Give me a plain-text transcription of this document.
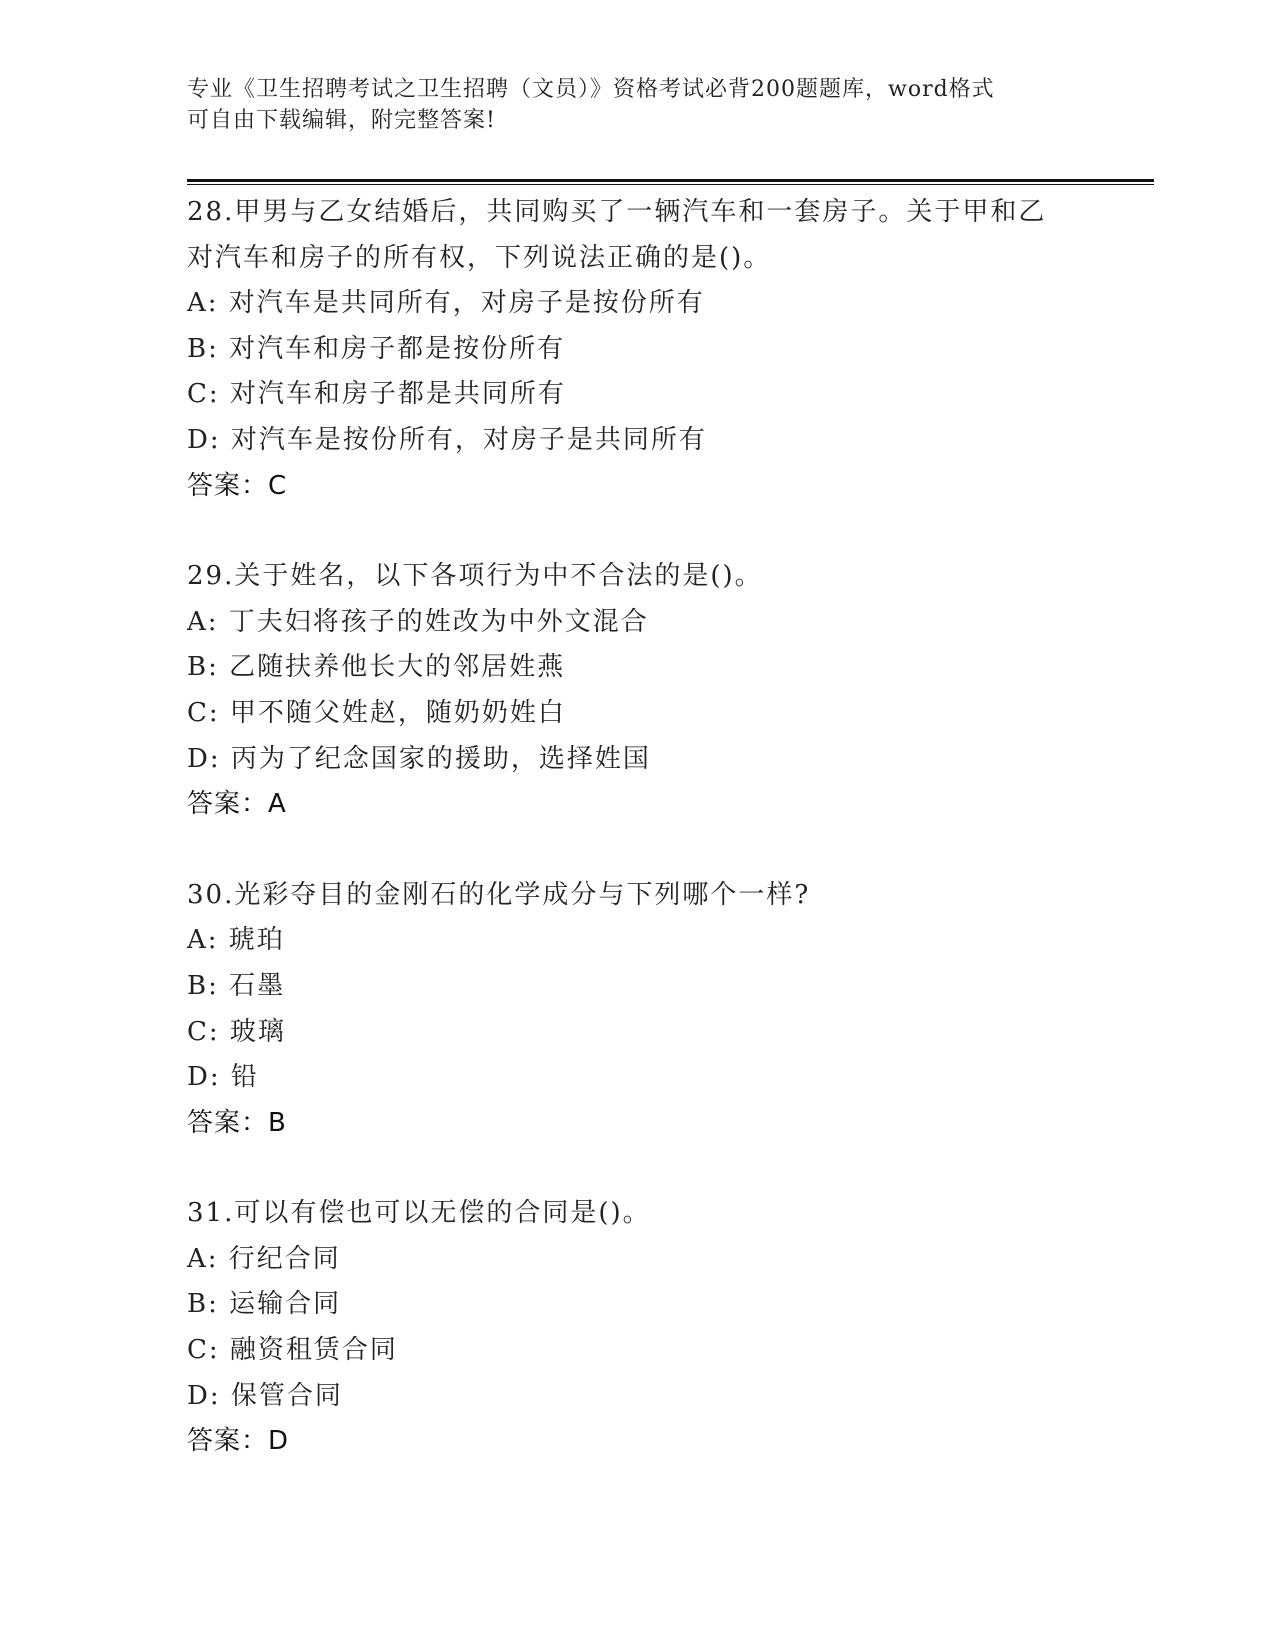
专业《卫生招聘考试之卫生招聘（文员）》资格考试必背200题题库，word格式
可自由下载编辑，附完整答案!
28.甲男与乙女结婚后，共同购买了一辆汽车和一套房子。关于甲和乙
对汽车和房子的所有权，下列说法正确的是()。
A: 对汽车是共同所有，对房子是按份所有
B: 对汽车和房子都是按份所有
C: 对汽车和房子都是共同所有
D: 对汽车是按份所有，对房子是共同所有
答案：C
29.关于姓名，以下各项行为中不合法的是()。
A: 丁夫妇将孩子的姓改为中外文混合
B: 乙随扶养他长大的邻居姓燕
C: 甲不随父姓赵，随奶奶姓白
D: 丙为了纪念国家的援助，选择姓国
答案：A
30.光彩夺目的金刚石的化学成分与下列哪个一样?
A: 琥珀
B: 石墨
C: 玻璃
D: 铅
答案：B
31.可以有偿也可以无偿的合同是()。
A: 行纪合同
B: 运输合同
C: 融资租赁合同
D: 保管合同
答案：D
